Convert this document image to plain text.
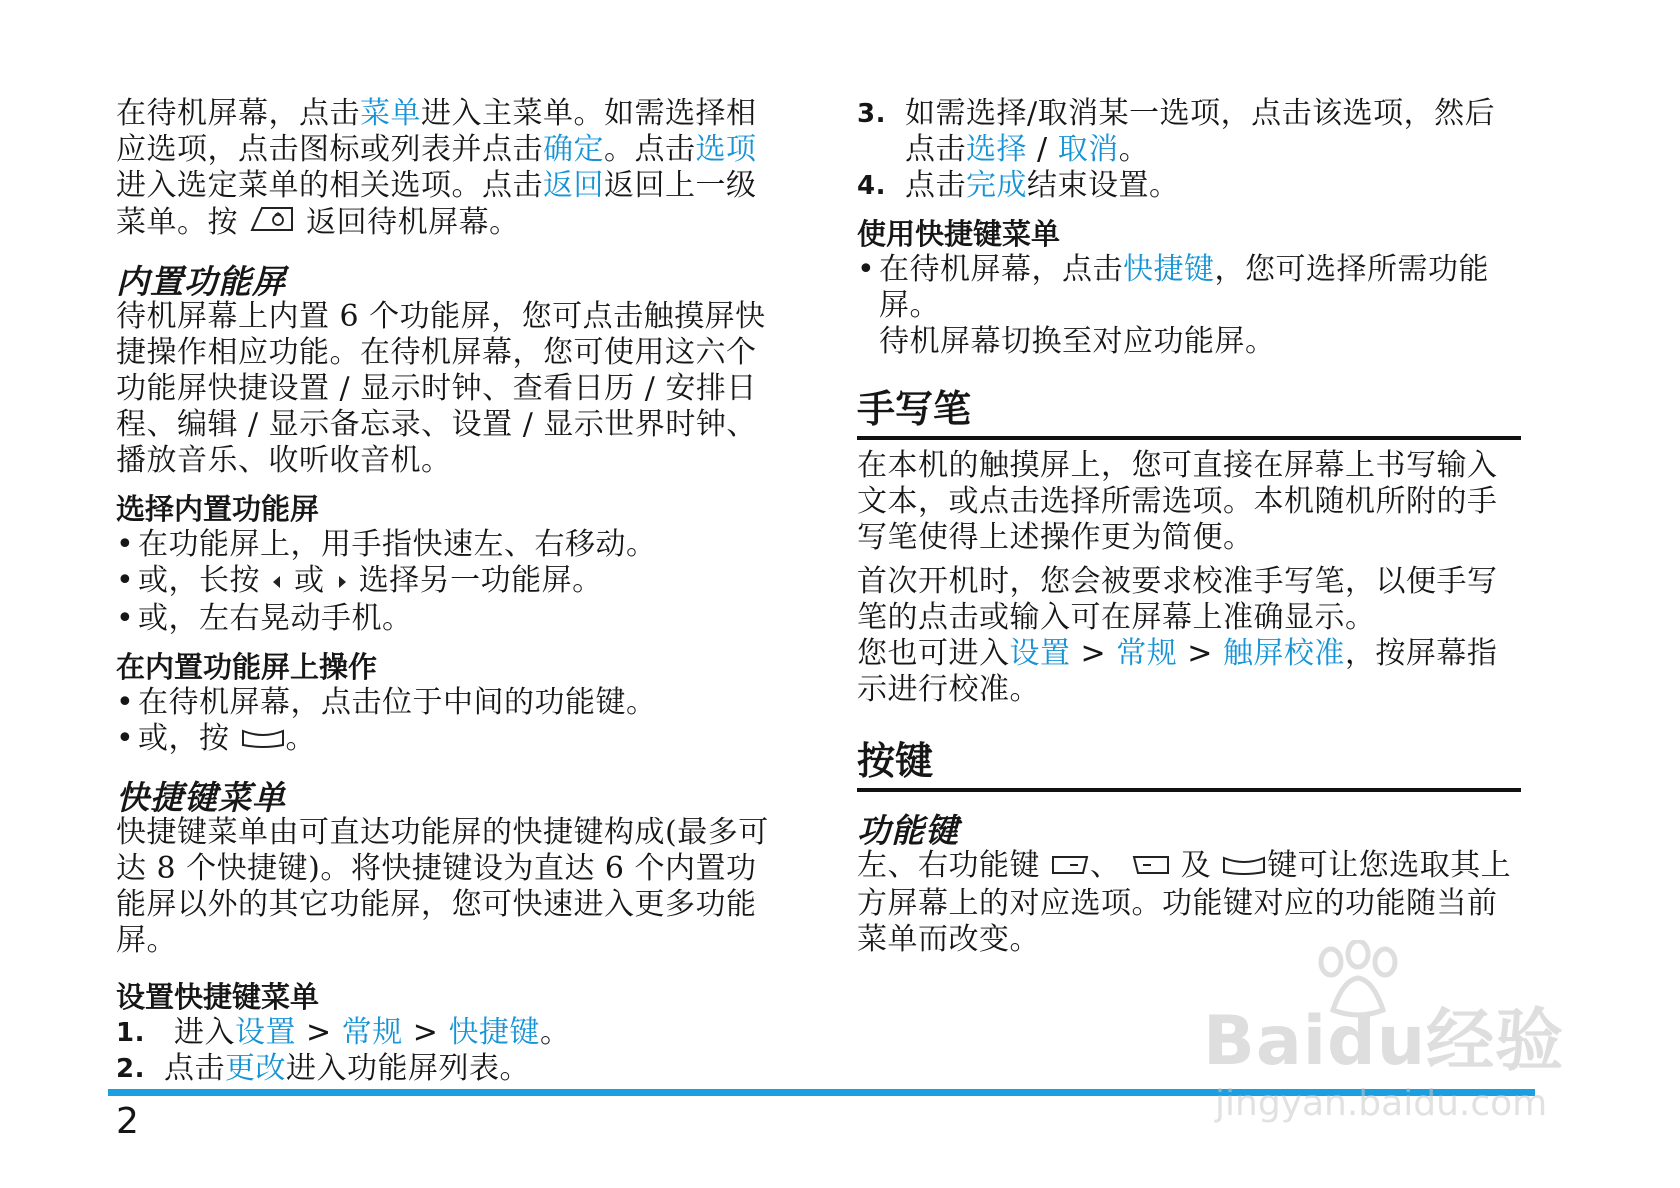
在待机屏幕，点击菜单进入主菜单。如需选择相应选项，点击图标或列表并点击确定。点击选项进入选定菜单的相关选项。点击返回返回上一级菜单。按 返回待机屏幕。

内置功能屏

待机屏幕上内置 6 个功能屏，您可点击触摸屏快捷操作相应功能。在待机屏幕，您可使用这六个功能屏快捷设置 / 显示时钟、查看日历 / 安排日程、编辑 / 显示备忘录、设置 / 显示世界时钟、播放音乐、收听收音机。

选择内置功能屏

• 在功能屏上，用手指快速左、右移动。

• 或，长按 或 选择另一功能屏。

• 或，左右晃动手机。

在内置功能屏上操作

• 在待机屏幕，点击位于中间的功能键。

• 或，按 。

快捷键菜单

快捷键菜单由可直达功能屏的快捷键构成(最多可达 8 个快捷键)。将快捷键设为直达 6 个内置功能屏以外的其它功能屏，您可快速进入更多功能屏。

设置快捷键菜单

1. 进入设置 > 常规 > 快捷键。

2. 点击更改进入功能屏列表。

3. 如需选择/取消某一选项，点击该选项，然后点击选择 / 取消。

4. 点击完成结束设置。

使用快捷键菜单

• 在待机屏幕，点击快捷键，您可选择所需功能屏。
待机屏幕切换至对应功能屏。

手写笔

在本机的触摸屏上，您可直接在屏幕上书写输入文本，或点击选择所需选项。本机随机所附的手写笔使得上述操作更为简便。

首次开机时，您会被要求校准手写笔，以便手写笔的点击或输入可在屏幕上准确显示。

您也可进入设置 > 常规 > 触屏校准，按屏幕指示进行校准。

按键
功能键

左、右功能键 、 及 键可让您选取其上方屏幕上的对应选项。功能键对应的功能随当前菜单而改变。

2
Baidu经验
jingyan.baidu.com
